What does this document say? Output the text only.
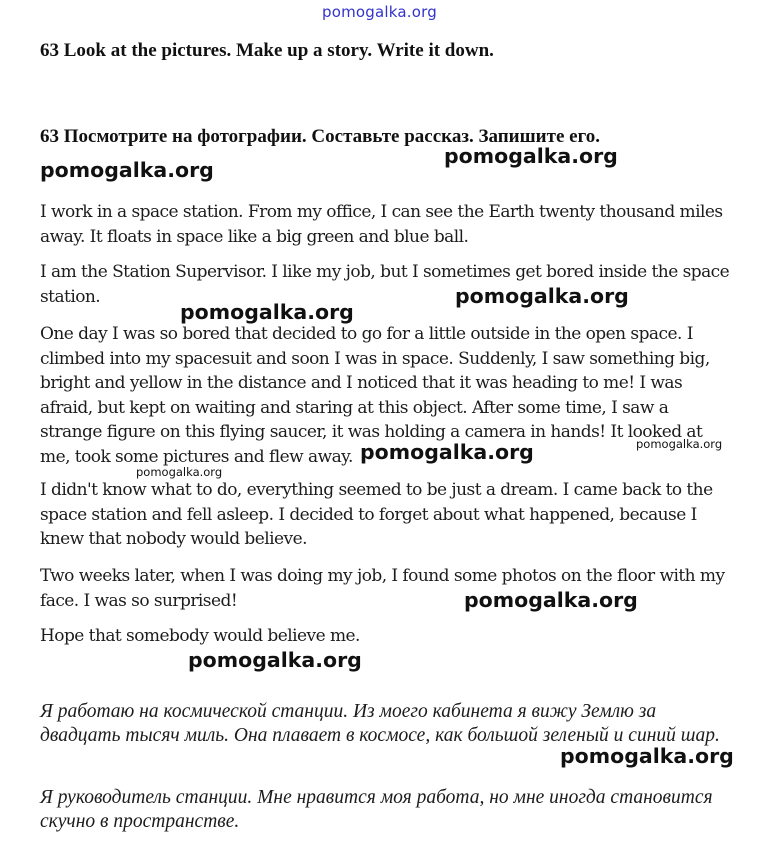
pomogalka.org
63 Look at the pictures. Make up a story. Write it down.
63 Посмотрите на фотографии. Составьте рассказ. Запишите его.

I work in a space station. From my office, I can see the Earth twenty thousand miles away. It floats in space like a big green and blue ball.

I am the Station Supervisor. I like my job, but I sometimes get bored inside the space station.

One day I was so bored that decided to go for a little outside in the open space. I climbed into my spacesuit and soon I was in space. Suddenly, I saw something big, bright and yellow in the distance and I noticed that it was heading to me! I was afraid, but kept on waiting and staring at this object. After some time, I saw a strange figure on this flying saucer, it was holding a camera in hands! It looked at me, took some pictures and flew away.

I didn't know what to do, everything seemed to be just a dream. I came back to the space station and fell asleep. I decided to forget about what happened, because I knew that nobody would believe.

Two weeks later, when I was doing my job, I found some photos on the floor with my face. I was so surprised!

Hope that somebody would believe me.

Я работаю на космической станции. Из моего кабинета я вижу Землю за двадцать тысяч миль. Она плавает в космосе, как большой зеленый и синий шар.

Я руководитель станции. Мне нравится моя работа, но мне иногда становится скучно в пространстве.

pomogalka.org
pomogalka.org
pomogalka.org
pomogalka.org
pomogalka.org
pomogalka.org
pomogalka.org
pomogalka.org
pomogalka.org
pomogalka.org
